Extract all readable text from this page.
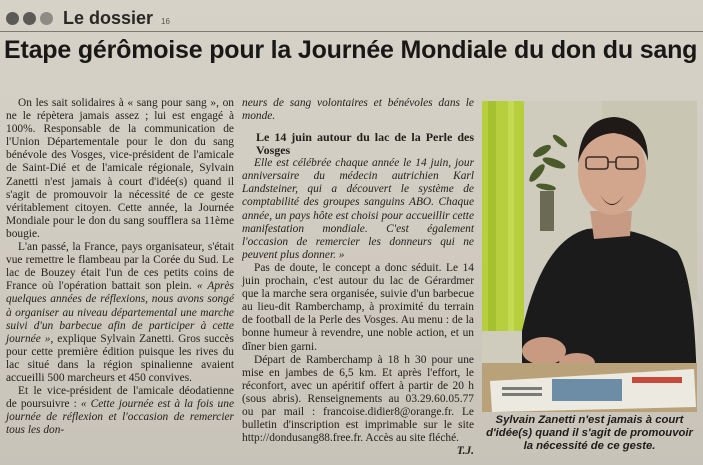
Le dossier 16
Etape gérômoise pour la Journée Mondiale du don du sang

On les sait solidaires à « sang pour sang », on ne le répètera jamais assez ; lui est engagé à 100%. Responsable de la communication de l'Union Départementale pour le don du sang bénévole des Vosges, vice-président de l'amicale de Saint-Dié et de l'amicale régionale, Sylvain Zanetti n'est jamais à court d'idée(s) quand il s'agit de promouvoir la nécessité de ce geste véritablement citoyen. Cette année, la Journée Mondiale pour le don du sang soufflera sa 11ème bougie.

L'an passé, la France, pays organisateur, s'était vue remettre le flambeau par la Corée du Sud. Le lac de Bouzey était l'un de ces petits coins de France où l'opération battait son plein. « Après quelques années de réflexions, nous avons songé à organiser au niveau départemental une marche suivi d'un barbecue afin de participer à cette journée », explique Sylvain Zanetti. Gros succès pour cette première édition puisque les rives du lac situé dans la région spinalienne avaient accueilli 500 marcheurs et 450 convives.

Et le vice-président de l'amicale déodatienne de poursuivre : « Cette journée est à la fois une journée de réflexion et l'occasion de remercier tous les don-

neurs de sang volontaires et bénévoles dans le monde.

Le 14 juin autour du lac de la Perle des Vosges

Elle est célébrée chaque année le 14 juin, jour anniversaire du médecin autrichien Karl Landsteiner, qui a découvert le système de comptabilité des groupes sanguins ABO. Chaque année, un pays hôte est choisi pour accueillir cette manifestation mondiale. C'est également l'occasion de remercier les donneurs qui ne peuvent plus donner. »

Pas de doute, le concept a donc séduit. Le 14 juin prochain, c'est autour du lac de Gérardmer que la marche sera organisée, suivie d'un barbecue au lieu-dit Ramberchamp, à proximité du terrain de football de la Perle des Vosges. Au menu : de la bonne humeur à revendre, une noble action, et un dîner bien garni.

Départ de Ramberchamp à 18 h 30 pour une mise en jambes de 6,5 km. Et après l'effort, le réconfort, avec un apéritif offert à partir de 20 h (sous abris). Renseignements au 03.29.60.05.77 ou par mail : francoise.didier8@orange.fr. Le bulletin d'inscription est imprimable sur le site http://dondusang88.free.fr. Accès au site fléché.

T.J.

Sylvain Zanetti n'est jamais à court d'idée(s) quand il s'agit de promouvoir la nécessité de ce geste.
